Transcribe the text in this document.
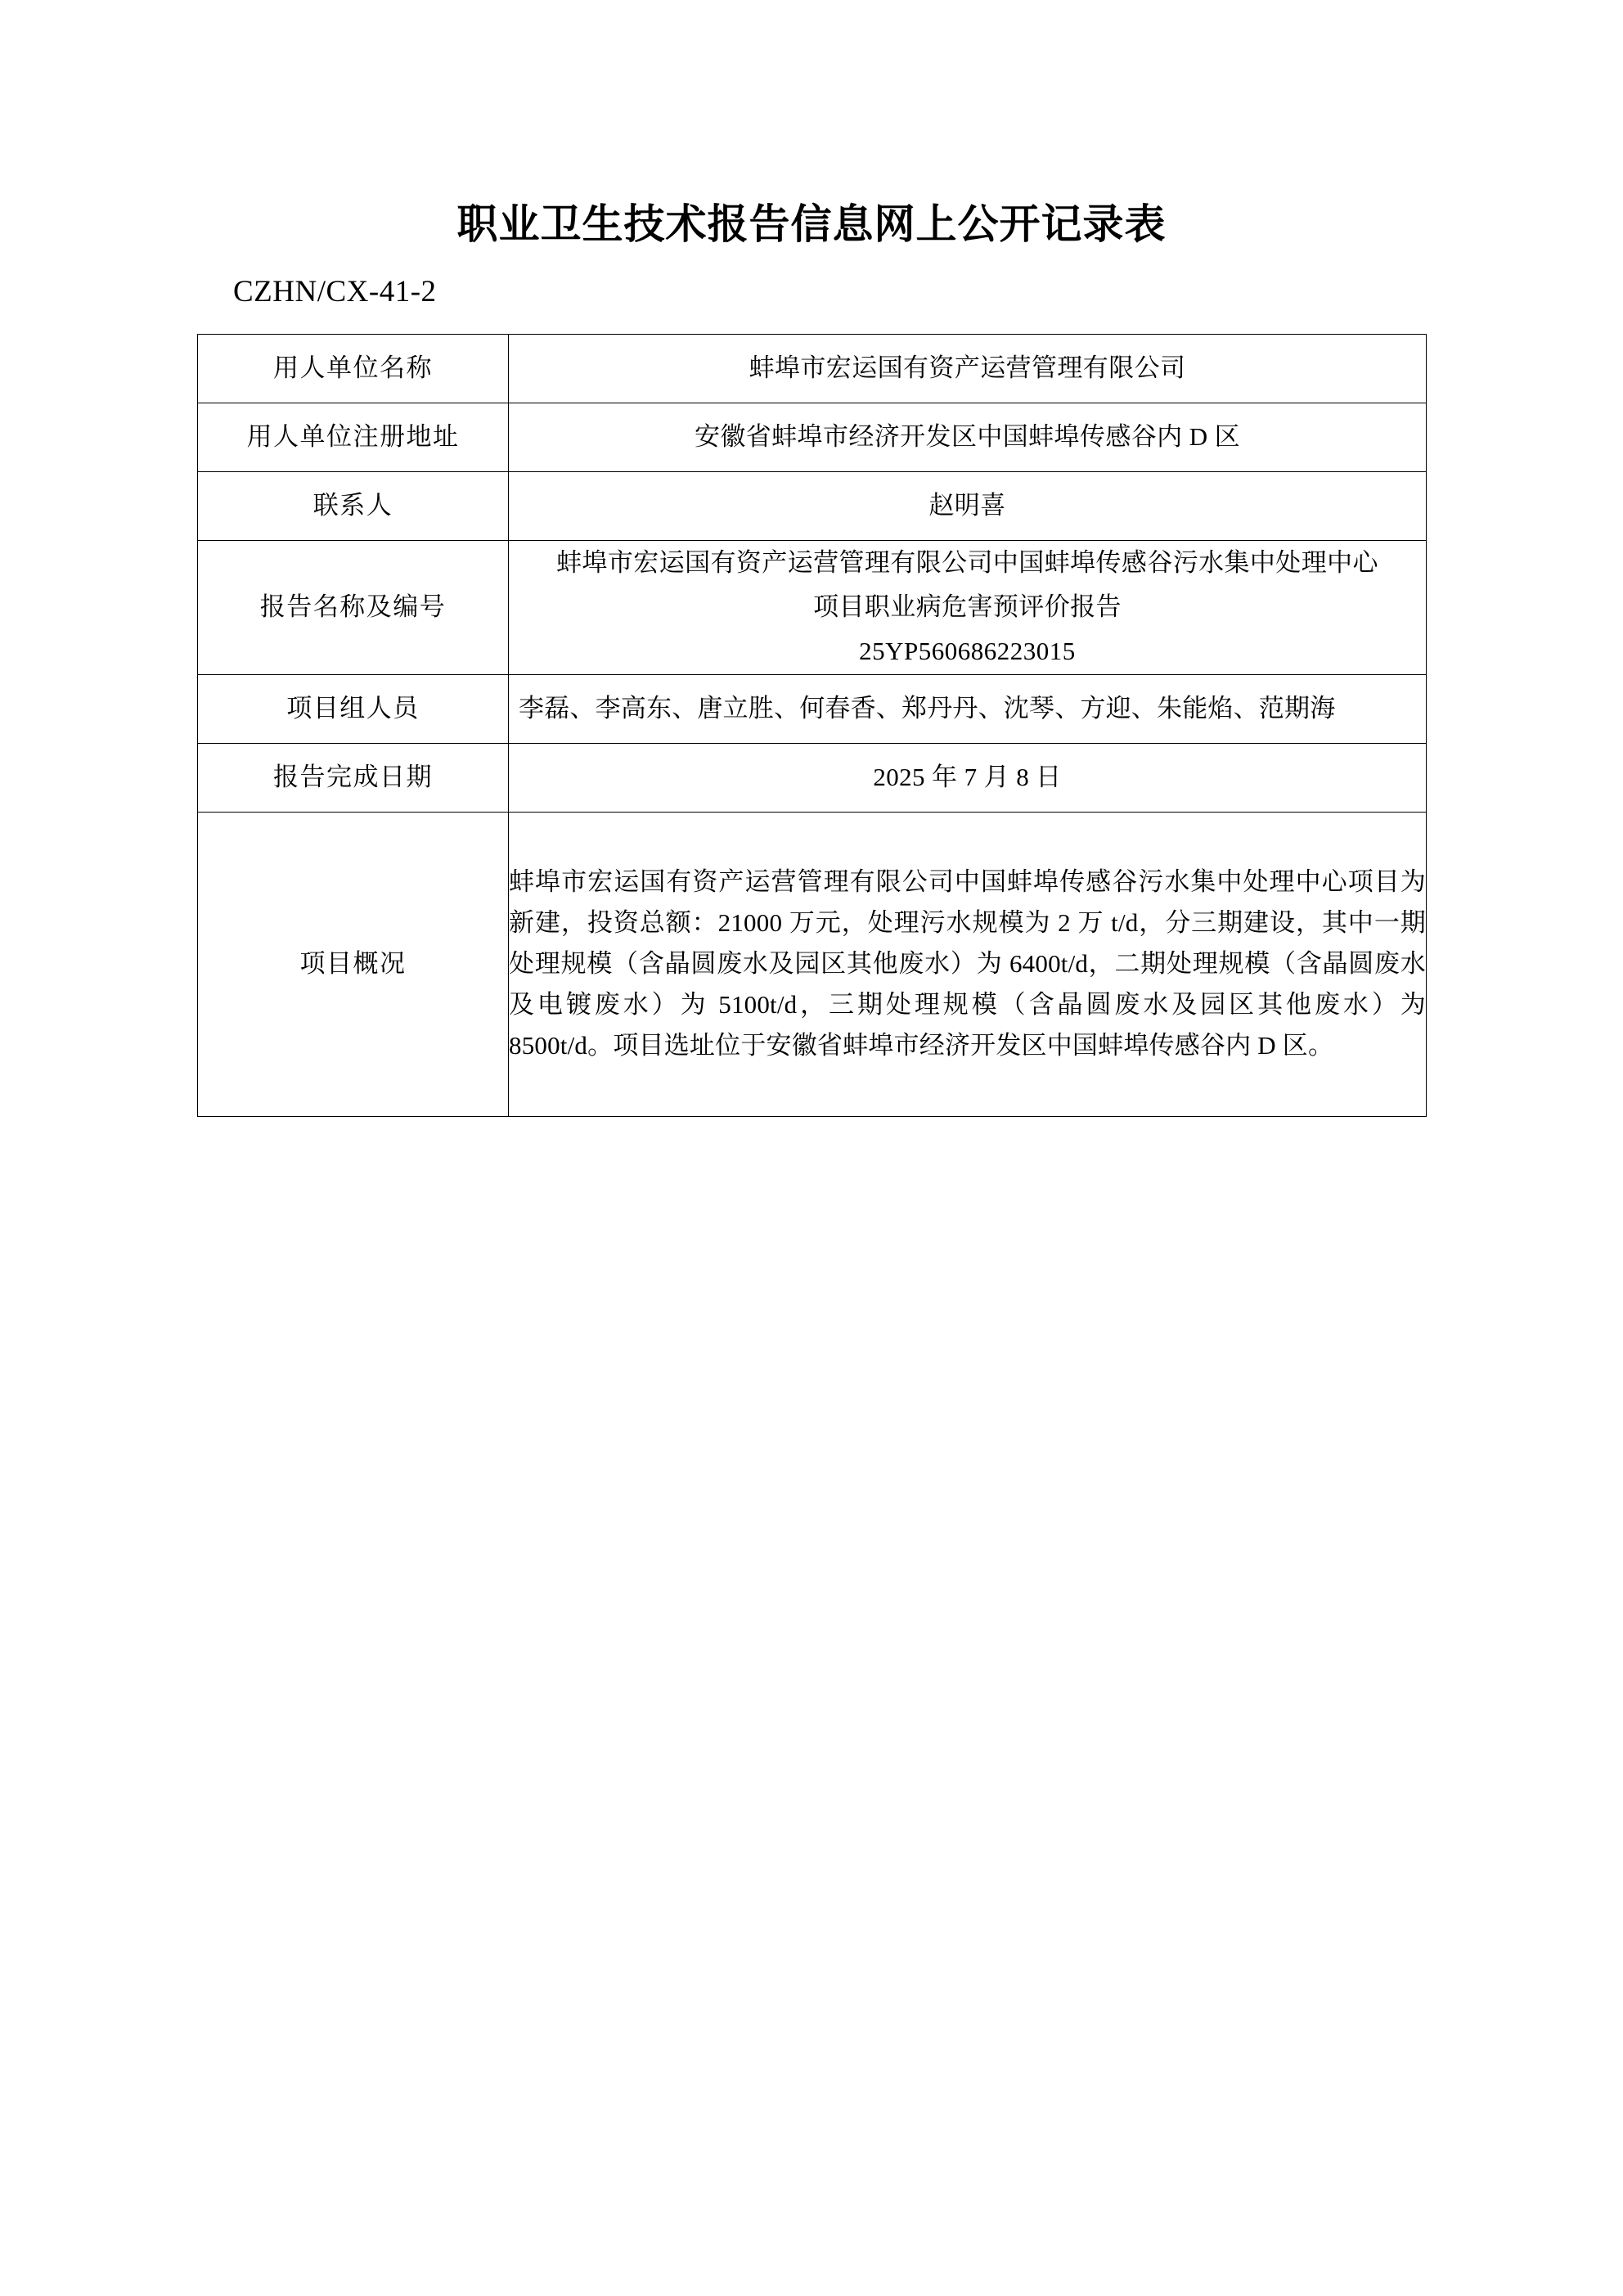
职业卫生技术报告信息网上公开记录表
CZHN/CX-41-2
用人单位名称	蚌埠市宏运国有资产运营管理有限公司
用人单位注册地址	安徽省蚌埠市经济开发区中国蚌埠传感谷内 D 区
联系人	赵明喜
报告名称及编号	蚌埠市宏运国有资产运营管理有限公司中国蚌埠传感谷污水集中处理中心
项目职业病危害预评价报告
25YP560686223015

项目组人员	李磊、李高东、唐立胜、何春香、郑丹丹、沈琴、方迎、朱能焰、范期海
报告完成日期	2025 年 7 月 8 日
项目概况	蚌埠市宏运国有资产运营管理有限公司中国蚌埠传感谷污水集中处理中心项目为新建，投资总额：21000 万元，处理污水规模为 2 万 t/d，分三期建设，其中一期处理规模（含晶圆废水及园区其他废水）为 6400t/d，二期处理规模（含晶圆废水及电镀废水）为 5100t/d，三期处理规模（含晶圆废水及园区其他废水）为 8500t/d。项目选址位于安徽省蚌埠市经济开发区中国蚌埠传感谷内 D 区。
